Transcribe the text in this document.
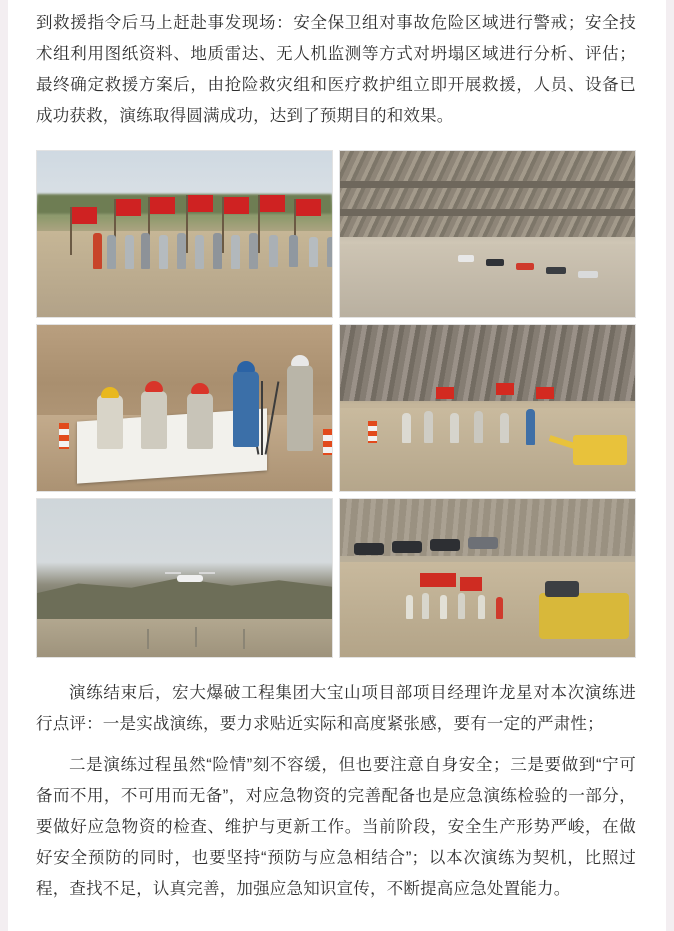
到救援指令后马上赶赴事发现场：安全保卫组对事故危险区域进行警戒；安全技术组利用图纸资料、地质雷达、无人机监测等方式对坍塌区域进行分析、评估；最终确定救援方案后，由抢险救灾组和医疗救护组立即开展救援，人员、设备已成功获救，演练取得圆满成功，达到了预期目的和效果。

演练结束后，宏大爆破工程集团大宝山项目部项目经理许龙星对本次演练进行点评：一是实战演练，要力求贴近实际和高度紧张感，要有一定的严肃性；

二是演练过程虽然“险情”刻不容缓，但也要注意自身安全；三是要做到“宁可备而不用，不可用而无备”，对应急物资的完善配备也是应急演练检验的一部分，要做好应急物资的检查、维护与更新工作。当前阶段，安全生产形势严峻，在做好安全预防的同时，也要坚持“预防与应急相结合”；以本次演练为契机，比照过程，查找不足，认真完善，加强应急知识宣传，不断提高应急处置能力。
